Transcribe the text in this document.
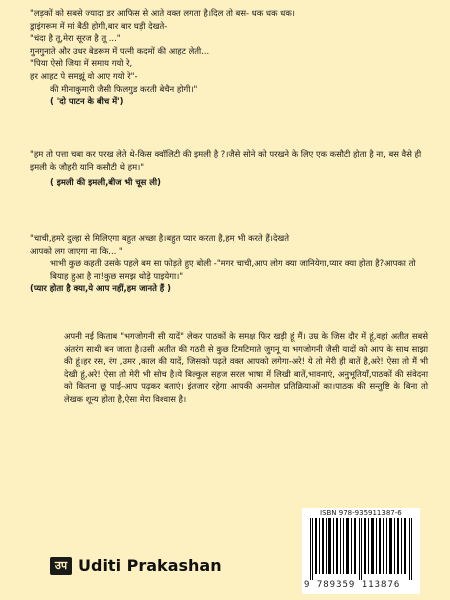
"लड़कों को सबसे ज्यादा डर आफिस से आते वक्त लगता है।दिल तो बस- धक धक धक।

ड्राइंगरूम में मां बैठी होगी,बार बार घड़ी देखते-

"चंदा है तू,मेरा सूरज है तू ..."

गुनगुनाते और उधर बेडरूम में पत्नी कदमों की आहट लेती...

"पिया ऐसो जिया में समाय गयो रे,

हर आहट पे समझूं वो आए गयो रे"-

की मीनाकुमारी जैसी फिलगुड करती बेचैन होगी।"

( 'दो पाटन के बीच में')

"हम तो पत्ता चबा कर परख लेते थे-किस क्वॉलिटी की इमली है ?।जैसे सोने को परखने के लिए एक कसौटी होता है ना, बस वैसे ही इमली के जौहरी यानि कसौटी थे हम।"

( इमली की इमली,बीज भी चूस ली)

"चाची,हमरे दुल्हा से मिलिएगा बहुत अच्छा है।बहुत प्यार करता है,हम भी करते हैं।देखते

आपको लग जाएगा ना कि... "

भाभी कुछ कहती उसके पहले बम सा फोड़ते हुए बोली -"मगर चाची,आप लोग क्या जानियेगा,प्यार क्या होता है?आपका तो बियाह हुआ है ना!कुछ समझ थोड़े पाइयेगा।"

(प्यार होता है क्या,ये आप नहीं,हम जानते हैं )

अपनी नई किताब "भगजोगनी सी यादें" लेकर पाठकों के समक्ष फिर खड़ी हूं मैं। उम्र के जिस दौर में हूं,वहां अतीत सबसे अंतरंग साथी बन जाता है।उसी अतीत की गठरी से कुछ टिमटिमाते जुगनू या भगजोगनी जैसी यादों को आप के साथ साझा की हूं।हर रस, रंग ,उमर ,काल की यादें, जिसको पढ़ते वक्त आपको लगेगा-अरे! ये तो मेरी ही बातें है,अरे! ऐसा तो मैं भी देखी हूं,अरे! ऐसा तो मेरी भी सोच है।ये बिल्कुल सहज सरल भाषा में लिखी बातें,भावनाएं, अनुभूतियाँ,पाठकों की संवेदना को कितना छू पाई-आप पढ़कर बताएं। इंतजार रहेगा आपकी अनमोल प्रतिक्रियाओं का।पाठक की सन्तुष्टि के बिना तो लेखक शून्य होता है,ऐसा मेरा विश्वास है।

उप Uditi Prakashan
ISBN 978-935911387-6
9 789359 113876
